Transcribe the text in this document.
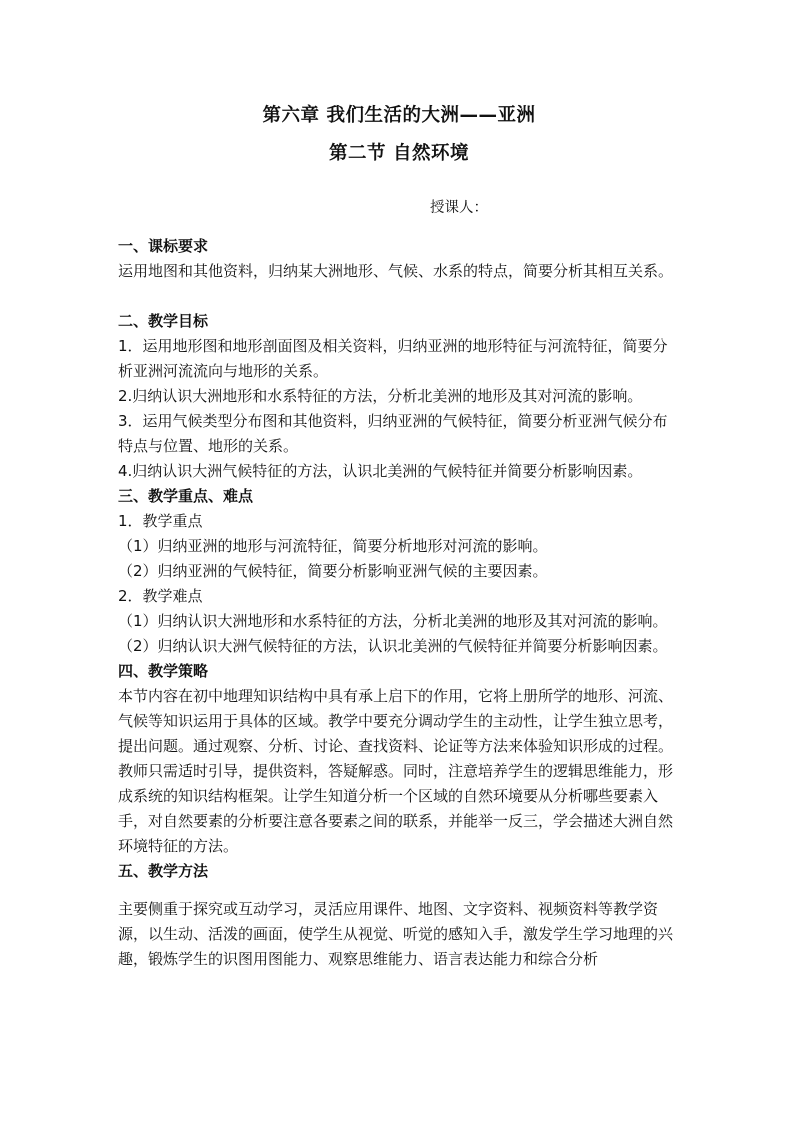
第六章 我们生活的大洲——亚洲
第二节 自然环境
授课人：
一、课标要求

运用地图和其他资料，归纳某大洲地形、气候、水系的特点，简要分析其相互关系。

二、教学目标

1．运用地形图和地形剖面图及相关资料，归纳亚洲的地形特征与河流特征，简要分析亚洲河流流向与地形的关系。

2.归纳认识大洲地形和水系特征的方法，分析北美洲的地形及其对河流的影响。

3．运用气候类型分布图和其他资料，归纳亚洲的气候特征，简要分析亚洲气候分布特点与位置、地形的关系。

4.归纳认识大洲气候特征的方法，认识北美洲的气候特征并简要分析影响因素。

三、教学重点、难点

1．教学重点

（1）归纳亚洲的地形与河流特征，简要分析地形对河流的影响。

（2）归纳亚洲的气候特征，简要分析影响亚洲气候的主要因素。

2．教学难点

（1）归纳认识大洲地形和水系特征的方法，分析北美洲的地形及其对河流的影响。

（2）归纳认识大洲气候特征的方法，认识北美洲的气候特征并简要分析影响因素。

四、教学策略

本节内容在初中地理知识结构中具有承上启下的作用，它将上册所学的地形、河流、气候等知识运用于具体的区域。教学中要充分调动学生的主动性，让学生独立思考，提出问题。通过观察、分析、讨论、查找资料、论证等方法来体验知识形成的过程。教师只需适时引导，提供资料，答疑解惑。同时，注意培养学生的逻辑思维能力，形成系统的知识结构框架。让学生知道分析一个区域的自然环境要从分析哪些要素入手，对自然要素的分析要注意各要素之间的联系，并能举一反三，学会描述大洲自然环境特征的方法。

五、教学方法

主要侧重于探究或互动学习，灵活应用课件、地图、文字资料、视频资料等教学资源，以生动、活泼的画面，使学生从视觉、听觉的感知入手，激发学生学习地理的兴趣，锻炼学生的识图用图能力、观察思维能力、语言表达能力和综合分析
